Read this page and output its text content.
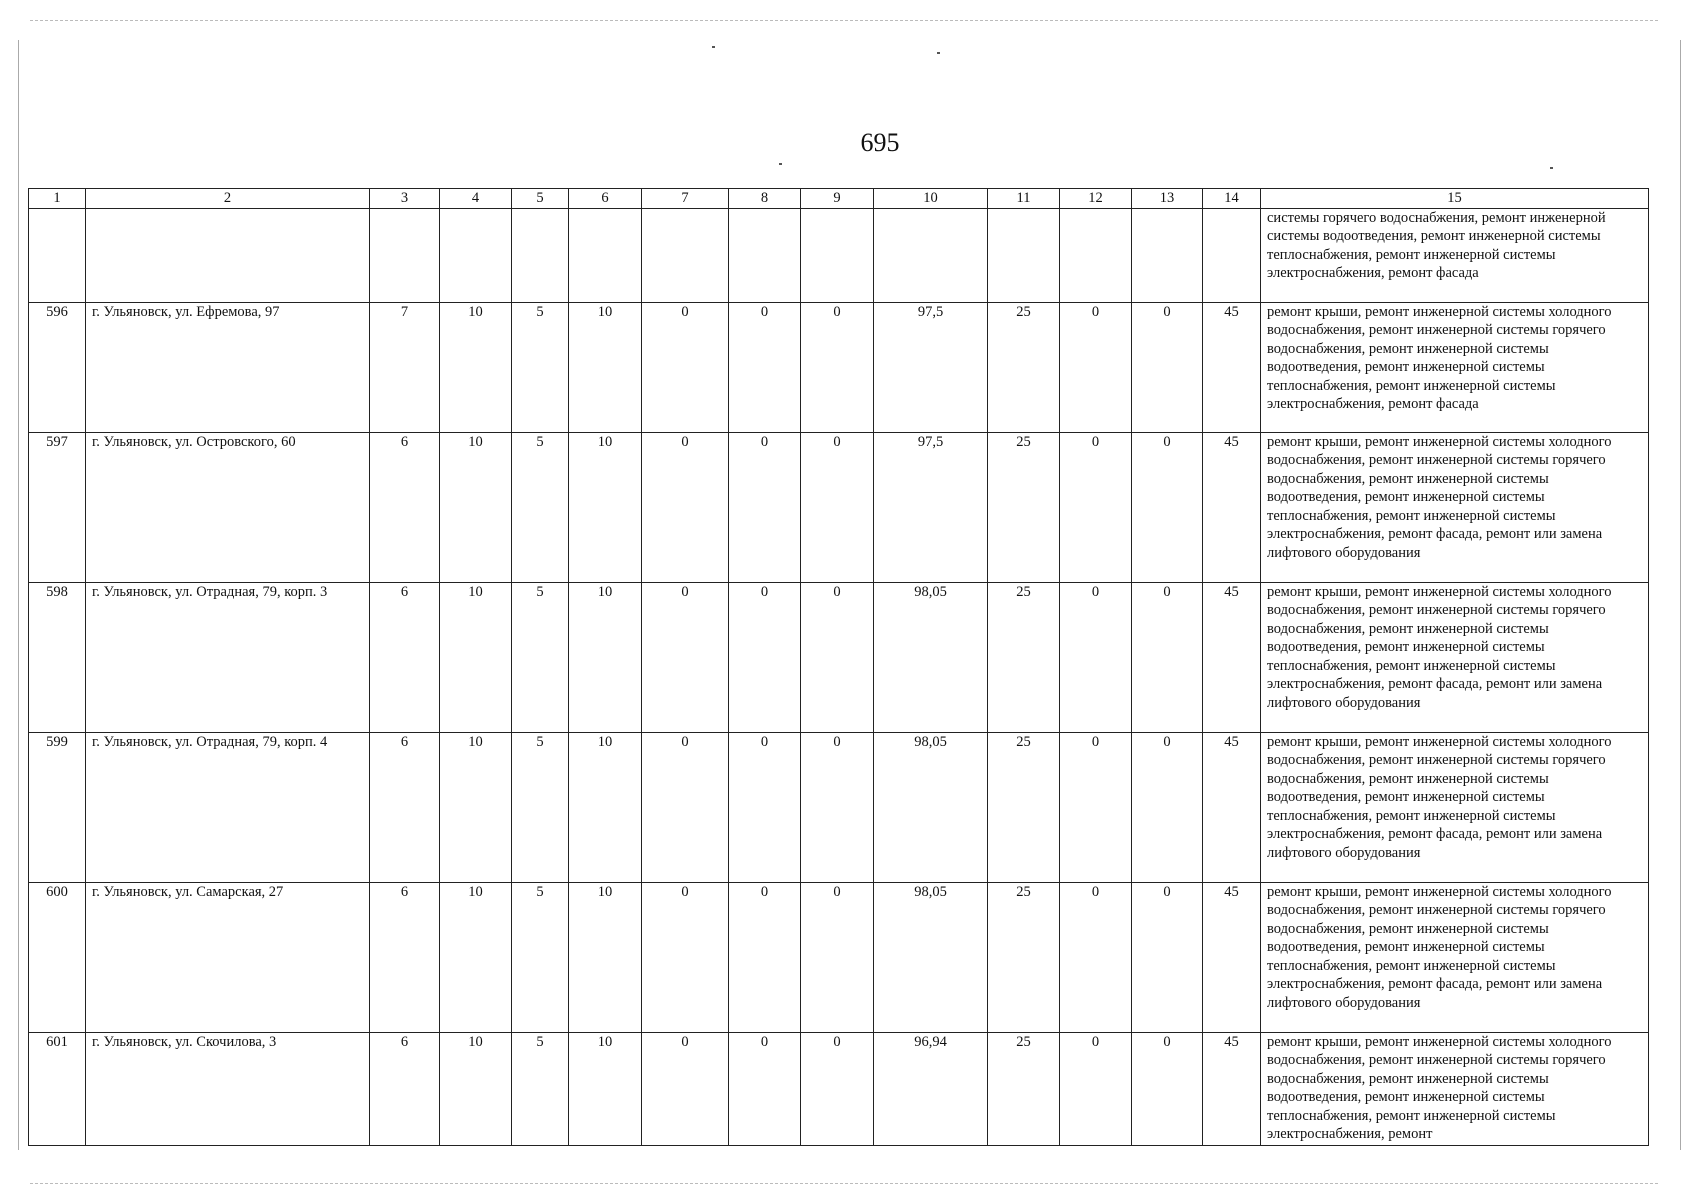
695
1	2	3	4	5	6	7	8	9	10	11	12	13	14	15
														системы горячего водоснабжения, ремонт инженерной системы водоотведения, ремонт инженерной системы теплоснабжения, ремонт инженерной системы электроснабжения, ремонт фасада
596	г. Ульяновск, ул. Ефремова, 97	7	10	5	10	0	0	0	97,5	25	0	0	45	ремонт крыши, ремонт инженерной системы холодного водоснабжения, ремонт инженерной системы горячего водоснабжения, ремонт инженерной системы водоотведения, ремонт инженерной системы теплоснабжения, ремонт инженерной системы электроснабжения, ремонт фасада
597	г. Ульяновск, ул. Островского, 60	6	10	5	10	0	0	0	97,5	25	0	0	45	ремонт крыши, ремонт инженерной системы холодного водоснабжения, ремонт инженерной системы горячего водоснабжения, ремонт инженерной системы водоотведения, ремонт инженерной системы теплоснабжения, ремонт инженерной системы электроснабжения, ремонт фасада, ремонт или замена лифтового оборудования
598	г. Ульяновск, ул. Отрадная, 79, корп. 3	6	10	5	10	0	0	0	98,05	25	0	0	45	ремонт крыши, ремонт инженерной системы холодного водоснабжения, ремонт инженерной системы горячего водоснабжения, ремонт инженерной системы водоотведения, ремонт инженерной системы теплоснабжения, ремонт инженерной системы электроснабжения, ремонт фасада, ремонт или замена лифтового оборудования
599	г. Ульяновск, ул. Отрадная, 79, корп. 4	6	10	5	10	0	0	0	98,05	25	0	0	45	ремонт крыши, ремонт инженерной системы холодного водоснабжения, ремонт инженерной системы горячего водоснабжения, ремонт инженерной системы водоотведения, ремонт инженерной системы теплоснабжения, ремонт инженерной системы электроснабжения, ремонт фасада, ремонт или замена лифтового оборудования
600	г. Ульяновск, ул. Самарская, 27	6	10	5	10	0	0	0	98,05	25	0	0	45	ремонт крыши, ремонт инженерной системы холодного водоснабжения, ремонт инженерной системы горячего водоснабжения, ремонт инженерной системы водоотведения, ремонт инженерной системы теплоснабжения, ремонт инженерной системы электроснабжения, ремонт фасада, ремонт или замена лифтового оборудования
601	г. Ульяновск, ул. Скочилова, 3	6	10	5	10	0	0	0	96,94	25	0	0	45	ремонт крыши, ремонт инженерной системы холодного водоснабжения, ремонт инженерной системы горячего водоснабжения, ремонт инженерной системы водоотведения, ремонт инженерной системы теплоснабжения, ремонт инженерной системы электроснабжения, ремонт
